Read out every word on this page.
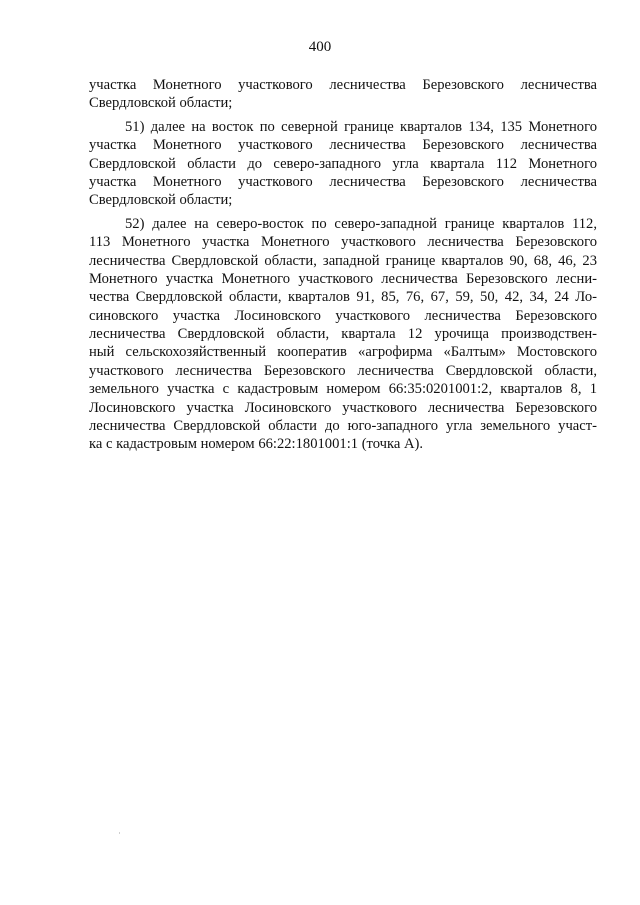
400
участка Монетного участкового лесничества Березовского лесничества
Свердловской области;
51) далее на восток по северной границе кварталов 134, 135 Монетного
участка Монетного участкового лесничества Березовского лесничества
Свердловской области до северо-западного угла квартала 112 Монетного
участка Монетного участкового лесничества Березовского лесничества
Свердловской области;
52) далее на северо-восток по северо-западной границе кварталов 112,
113 Монетного участка Монетного участкового лесничества Березовского
лесничества Свердловской области, западной границе кварталов 90, 68, 46, 23
Монетного участка Монетного участкового лесничества Березовского лесни-
чества Свердловской области, кварталов 91, 85, 76, 67, 59, 50, 42, 34, 24 Ло-
синовского участка Лосиновского участкового лесничества Березовского
лесничества Свердловской области, квартала 12 урочища производствен-
ный сельскохозяйственный кооператив «агрофирма «Балтым» Мостовского
участкового лесничества Березовского лесничества Свердловской области,
земельного участка с кадастровым номером 66:35:0201001:2, кварталов 8, 1
Лосиновского участка Лосиновского участкового лесничества Березовского
лесничества Свердловской области до юго-западного угла земельного участ-
ка с кадастровым номером 66:22:1801001:1 (точка А).
